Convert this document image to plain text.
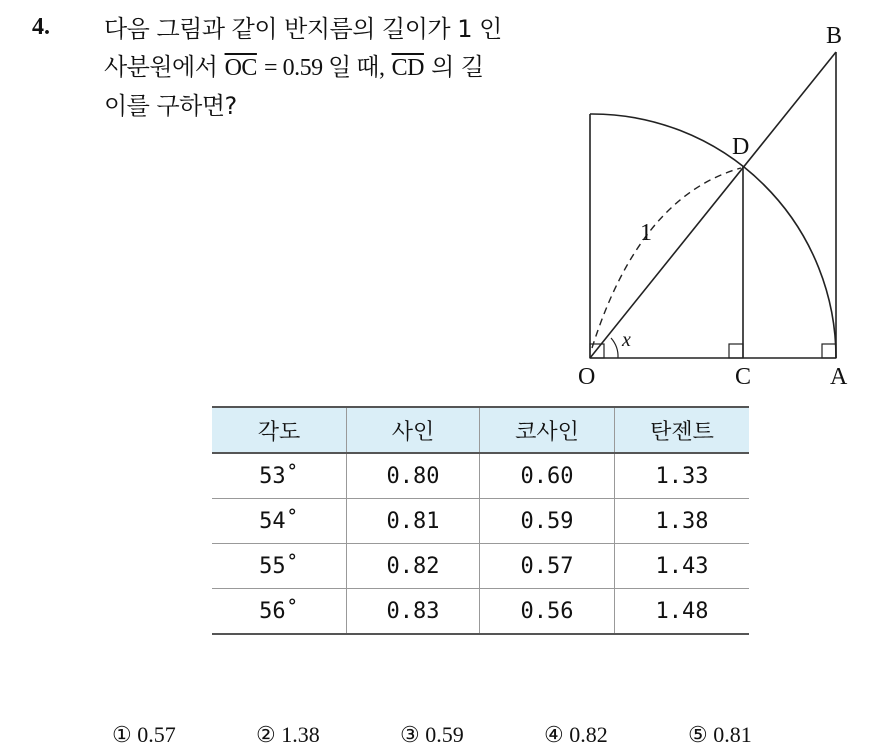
4. 다음 그림과 같이 반지름의 길이가 1 인
사분원에서 $\overline{OC} = 0.59$ 일 때, $\overline{CD}$ 의 길
이를 구하면?
O	C	A
B
D
1
x
각도	사인	코사인	탄젠트
53˚	0.80	0.60	1.33
54˚	0.81	0.59	1.38
55˚	0.82	0.57	1.43
56˚	0.83	0.56	1.48
① 0.57	② 1.38	③ 0.59	④ 0.82	⑤ 0.81
